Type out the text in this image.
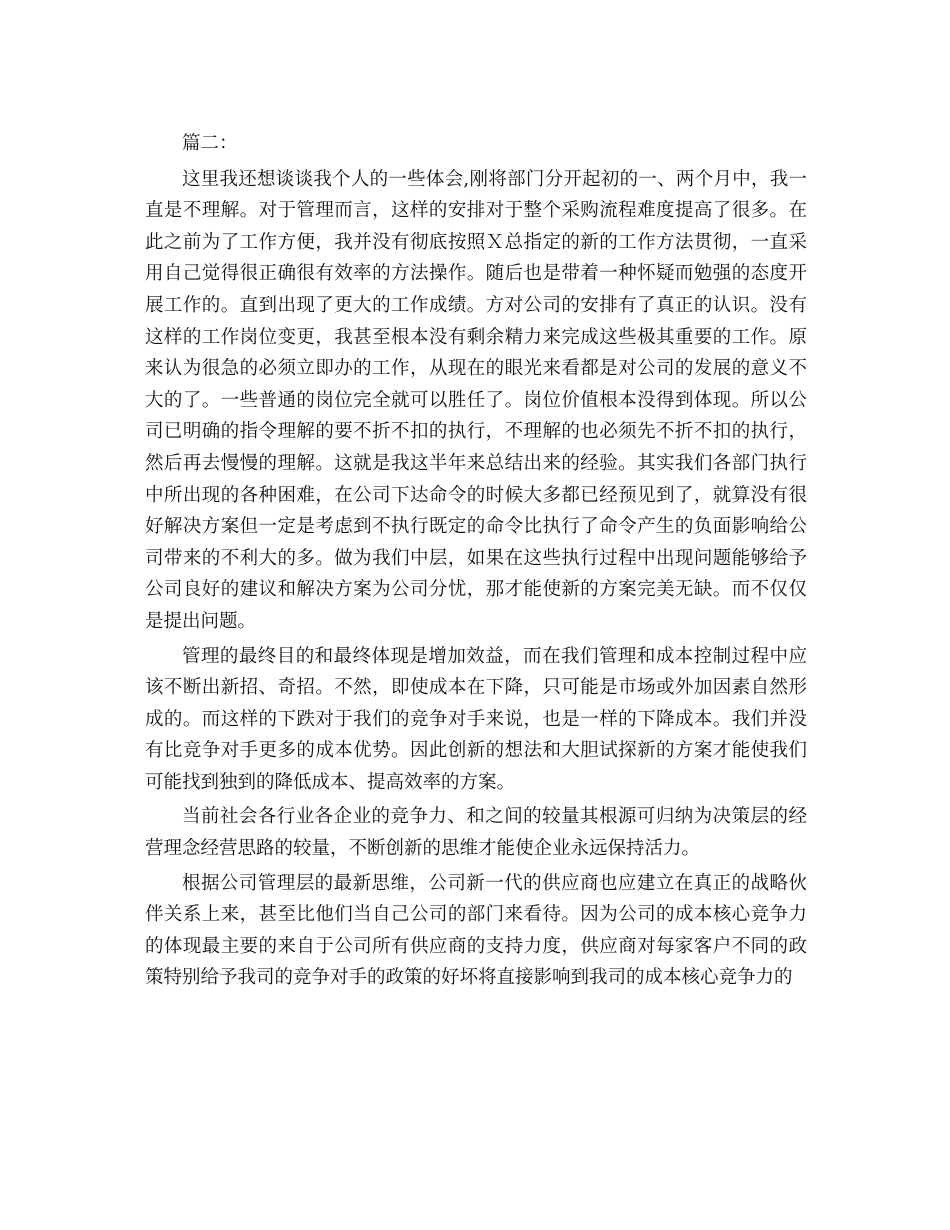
篇二：

这里我还想谈谈我个人的一些体会,刚将部门分开起初的一、两个月中，我一直是不理解。对于管理而言，这样的安排对于整个采购流程难度提高了很多。在此之前为了工作方便，我并没有彻底按照Ｘ总指定的新的工作方法贯彻，一直采用自己觉得很正确很有效率的方法操作。随后也是带着一种怀疑而勉强的态度开展工作的。直到出现了更大的工作成绩。方对公司的安排有了真正的认识。没有这样的工作岗位变更，我甚至根本没有剩余精力来完成这些极其重要的工作。原来认为很急的必须立即办的工作，从现在的眼光来看都是对公司的发展的意义不大的了。一些普通的岗位完全就可以胜任了。岗位价值根本没得到体现。所以公司已明确的指令理解的要不折不扣的执行，不理解的也必须先不折不扣的执行，然后再去慢慢的理解。这就是我这半年来总结出来的经验。其实我们各部门执行中所出现的各种困难，在公司下达命令的时候大多都已经预见到了，就算没有很好解决方案但一定是考虑到不执行既定的命令比执行了命令产生的负面影响给公司带来的不利大的多。做为我们中层，如果在这些执行过程中出现问题能够给予公司良好的建议和解决方案为公司分忧，那才能使新的方案完美无缺。而不仅仅是提出问题。

管理的最终目的和最终体现是增加效益，而在我们管理和成本控制过程中应该不断出新招、奇招。不然，即使成本在下降，只可能是市场或外加因素自然形成的。而这样的下跌对于我们的竞争对手来说，也是一样的下降成本。我们并没有比竞争对手更多的成本优势。因此创新的想法和大胆试探新的方案才能使我们可能找到独到的降低成本、提高效率的方案。

当前社会各行业各企业的竞争力、和之间的较量其根源可归纳为决策层的经营理念经营思路的较量，不断创新的思维才能使企业永远保持活力。

根据公司管理层的最新思维，公司新一代的供应商也应建立在真正的战略伙伴关系上来，甚至比他们当自己公司的部门来看待。因为公司的成本核心竞争力的体现最主要的来自于公司所有供应商的支持力度，供应商对每家客户不同的政策特别给予我司的竞争对手的政策的好坏将直接影响到我司的成本核心竞争力的
